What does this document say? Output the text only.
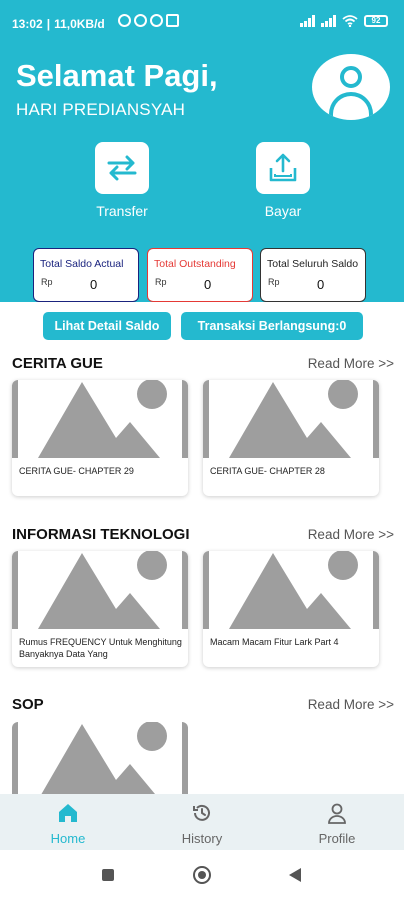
13:02 | 11,0KB/d	92
Selamat Pagi,
HARI PREDIANSYAH
Transfer	Bayar
Total Saldo Actual
Rp	0
Total Outstanding
Rp	0
Total Seluruh Saldo
Rp	0
Lihat Detail Saldo	Transaksi Berlangsung:0
CERITA GUE	Read More >>
CERITA GUE- CHAPTER 29	CERITA GUE- CHAPTER 28
INFORMASI TEKNOLOGI	Read More >>
Rumus FREQUENCY Untuk Menghitung Banyaknya Data Yang
Macam Macam Fitur Lark Part 4
SOP	Read More >>
Home	History	Profile
